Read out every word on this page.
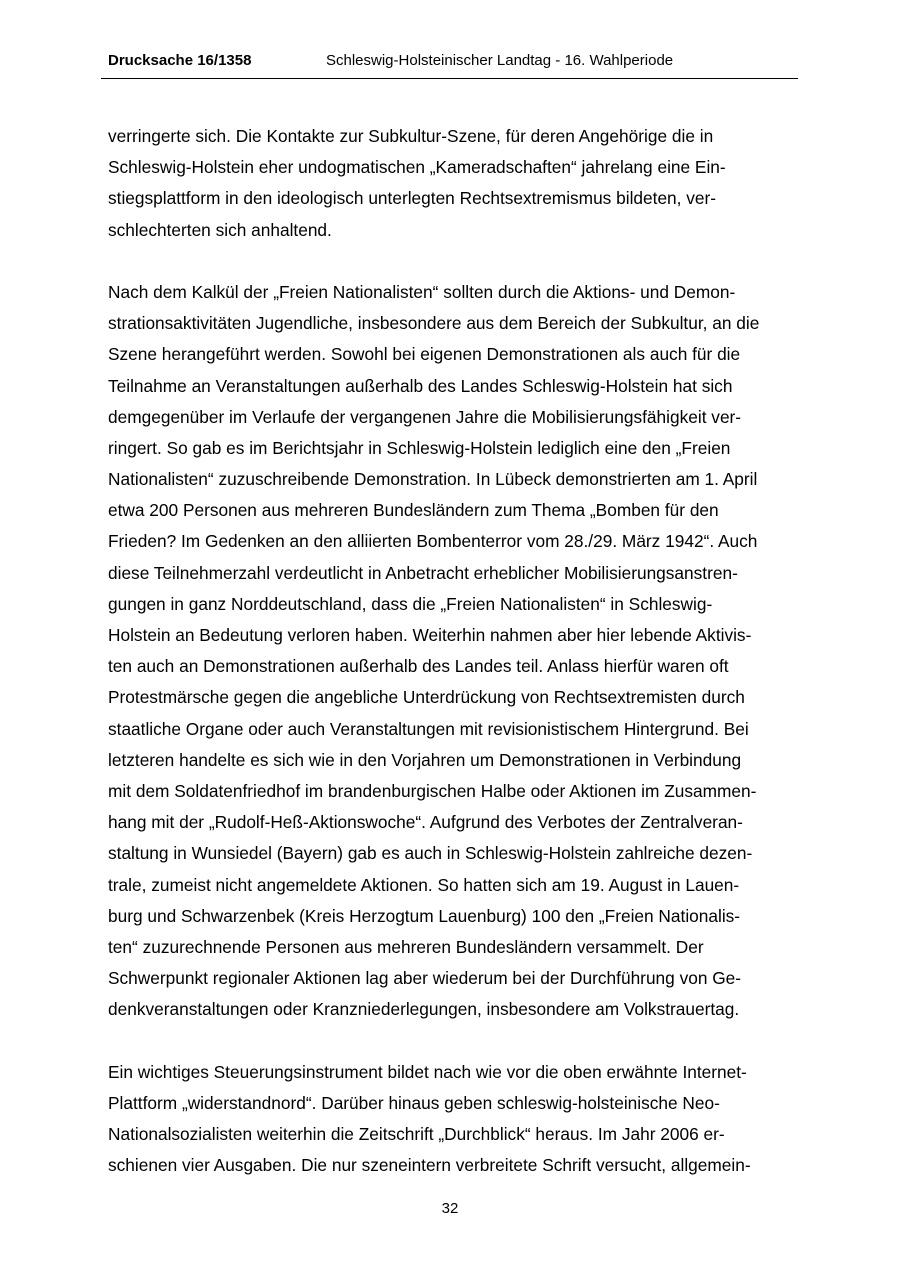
Drucksache 16/1358	Schleswig-Holsteinischer Landtag - 16. Wahlperiode
verringerte sich. Die Kontakte zur Subkultur-Szene, für deren Angehörige die in
Schleswig-Holstein eher undogmatischen „Kameradschaften“ jahrelang eine Ein-
stiegsplattform in den ideologisch unterlegten Rechtsextremismus bildeten, ver-
schlechterten sich anhaltend.
Nach dem Kalkül der „Freien Nationalisten“ sollten durch die Aktions- und Demon-
strationsaktivitäten Jugendliche, insbesondere aus dem Bereich der Subkultur, an die
Szene herangeführt werden. Sowohl bei eigenen Demonstrationen als auch für die
Teilnahme an Veranstaltungen außerhalb des Landes Schleswig-Holstein hat sich
demgegenüber im Verlaufe der vergangenen Jahre die Mobilisierungsfähigkeit ver-
ringert. So gab es im Berichtsjahr in Schleswig-Holstein lediglich eine den „Freien
Nationalisten“ zuzuschreibende Demonstration. In Lübeck demonstrierten am 1. April
etwa 200 Personen aus mehreren Bundesländern zum Thema „Bomben für den
Frieden? Im Gedenken an den alliierten Bombenterror vom 28./29. März 1942“. Auch
diese Teilnehmerzahl verdeutlicht in Anbetracht erheblicher Mobilisierungsanstren-
gungen in ganz Norddeutschland, dass die „Freien Nationalisten“ in Schleswig-
Holstein an Bedeutung verloren haben. Weiterhin nahmen aber hier lebende Aktivis-
ten auch an Demonstrationen außerhalb des Landes teil. Anlass hierfür waren oft
Protestmärsche gegen die angebliche Unterdrückung von Rechtsextremisten durch
staatliche Organe oder auch Veranstaltungen mit revisionistischem Hintergrund. Bei
letzteren handelte es sich wie in den Vorjahren um Demonstrationen in Verbindung
mit dem Soldatenfriedhof im brandenburgischen Halbe oder Aktionen im Zusammen-
hang mit der „Rudolf-Heß-Aktionswoche“. Aufgrund des Verbotes der Zentralveran-
staltung in Wunsiedel (Bayern) gab es auch in Schleswig-Holstein zahlreiche dezen-
trale, zumeist nicht angemeldete Aktionen. So hatten sich am 19. August in Lauen-
burg und Schwarzenbek (Kreis Herzogtum Lauenburg) 100 den „Freien Nationalis-
ten“ zuzurechnende Personen aus mehreren Bundesländern versammelt. Der
Schwerpunkt regionaler Aktionen lag aber wiederum bei der Durchführung von Ge-
denkveranstaltungen oder Kranzniederlegungen, insbesondere am Volkstrauertag.
Ein wichtiges Steuerungsinstrument bildet nach wie vor die oben erwähnte Internet-
Plattform „widerstandnord“. Darüber hinaus geben schleswig-holsteinische Neo-
Nationalsozialisten weiterhin die Zeitschrift „Durchblick“ heraus. Im Jahr 2006 er-
schienen vier Ausgaben. Die nur szeneintern verbreitete Schrift versucht, allgemein-
32
